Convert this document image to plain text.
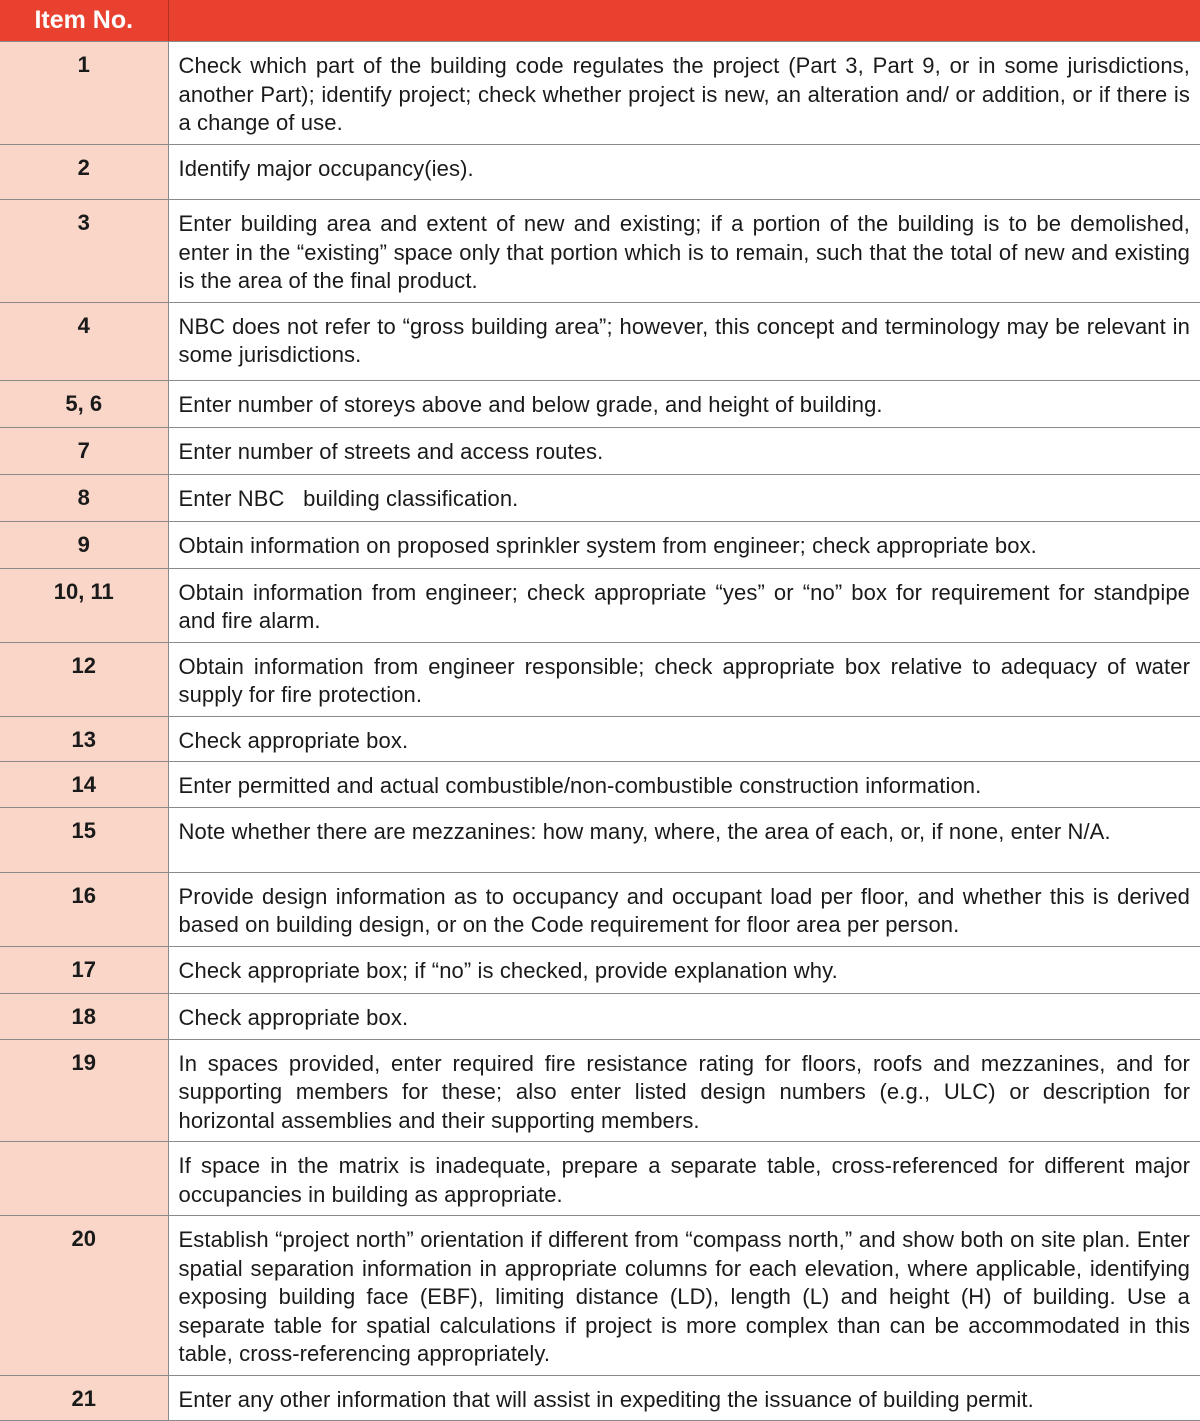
Item No.	
1	Check which part of the building code regulates the project (Part 3, Part 9, or in some jurisdictions, another Part); identify project; check whether project is new, an alteration and/ or addition, or if there is a change of use.
2	Identify major occupancy(ies).
3	Enter building area and extent of new and existing; if a portion of the building is to be demolished, enter in the “existing” space only that portion which is to remain, such that the total of new and existing is the area of the final product.
4	NBC does not refer to “gross building area”; however, this concept and terminology may be relevant in some jurisdictions.
5, 6	Enter number of storeys above and below grade, and height of building.
7	Enter number of streets and access routes.
8	Enter NBC   building classification.
9	Obtain information on proposed sprinkler system from engineer; check appropriate box.
10, 11	Obtain information from engineer; check appropriate “yes” or “no” box for requirement for standpipe and fire alarm.
12	Obtain information from engineer responsible; check appropriate box relative to adequacy of water supply for fire protection.
13	Check appropriate box.
14	Enter permitted and actual combustible/non-combustible construction information.
15	Note whether there are mezzanines: how many, where, the area of each, or, if none, enter N/A.
16	Provide design information as to occupancy and occupant load per floor, and whether this is derived based on building design, or on the Code requirement for floor area per person.
17	Check appropriate box; if “no” is checked, provide explanation why.
18	Check appropriate box.
19	In spaces provided, enter required fire resistance rating for floors, roofs and mezzanines, and for supporting members for these; also enter listed design numbers (e.g., ULC) or description for horizontal assemblies and their supporting members.
	If space in the matrix is inadequate, prepare a separate table, cross-referenced for different major occupancies in building as appropriate.
20	Establish “project north” orientation if different from “compass north,” and show both on site plan. Enter spatial separation information in appropriate columns for each elevation, where applicable, identifying exposing building face (EBF), limiting distance (LD), length (L) and height (H) of building. Use a separate table for spatial calculations if project is more complex than can be accommodated in this table, cross-referencing appropriately.
21	Enter any other information that will assist in expediting the issuance of building permit.
